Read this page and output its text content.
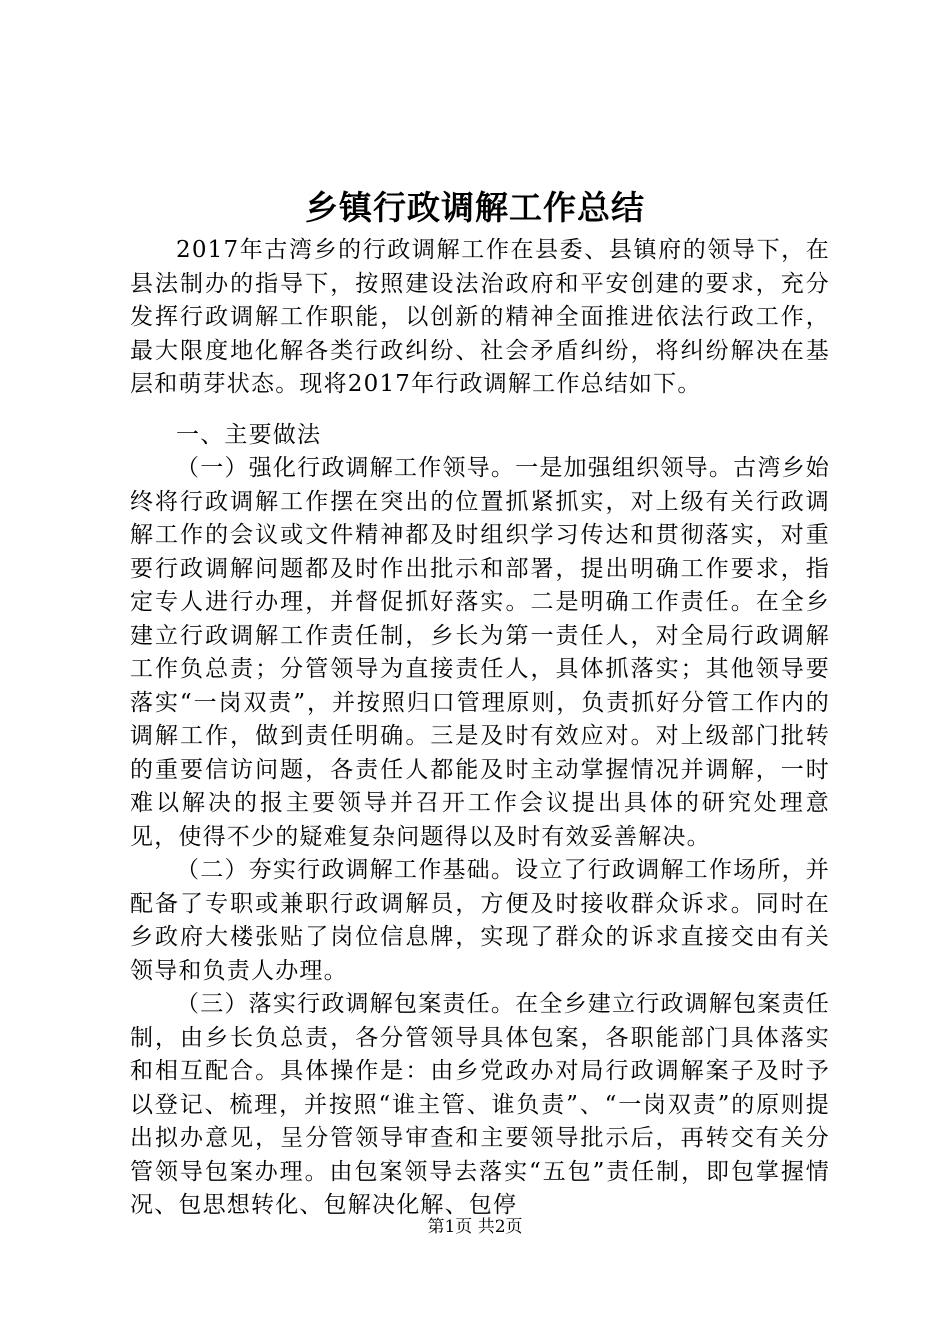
乡镇行政调解工作总结

2017年古湾乡的行政调解工作在县委、县镇府的领导下，在县法制办的指导下，按照建设法治政府和平安创建的要求，充分发挥行政调解工作职能，以创新的精神全面推进依法行政工作，最大限度地化解各类行政纠纷、社会矛盾纠纷，将纠纷解决在基层和萌芽状态。现将2017年行政调解工作总结如下。

一、主要做法

（一）强化行政调解工作领导。一是加强组织领导。古湾乡始终将行政调解工作摆在突出的位置抓紧抓实，对上级有关行政调解工作的会议或文件精神都及时组织学习传达和贯彻落实，对重要行政调解问题都及时作出批示和部署，提出明确工作要求，指定专人进行办理，并督促抓好落实。二是明确工作责任。在全乡建立行政调解工作责任制，乡长为第一责任人，对全局行政调解工作负总责；分管领导为直接责任人，具体抓落实；其他领导要落实“一岗双责”，并按照归口管理原则，负责抓好分管工作内的调解工作，做到责任明确。三是及时有效应对。对上级部门批转的重要信访问题，各责任人都能及时主动掌握情况并调解，一时难以解决的报主要领导并召开工作会议提出具体的研究处理意见，使得不少的疑难复杂问题得以及时有效妥善解决。

（二）夯实行政调解工作基础。设立了行政调解工作场所，并配备了专职或兼职行政调解员，方便及时接收群众诉求。同时在乡政府大楼张贴了岗位信息牌，实现了群众的诉求直接交由有关领导和负责人办理。

（三）落实行政调解包案责任。在全乡建立行政调解包案责任制，由乡长负总责，各分管领导具体包案，各职能部门具体落实和相互配合。具体操作是：由乡党政办对局行政调解案子及时予以登记、梳理，并按照“谁主管、谁负责”、“一岗双责”的原则提出拟办意见，呈分管领导审查和主要领导批示后，再转交有关分管领导包案办理。由包案领导去落实“五包”责任制，即包掌握情况、包思想转化、包解决化解、包停

第1页 共2页
